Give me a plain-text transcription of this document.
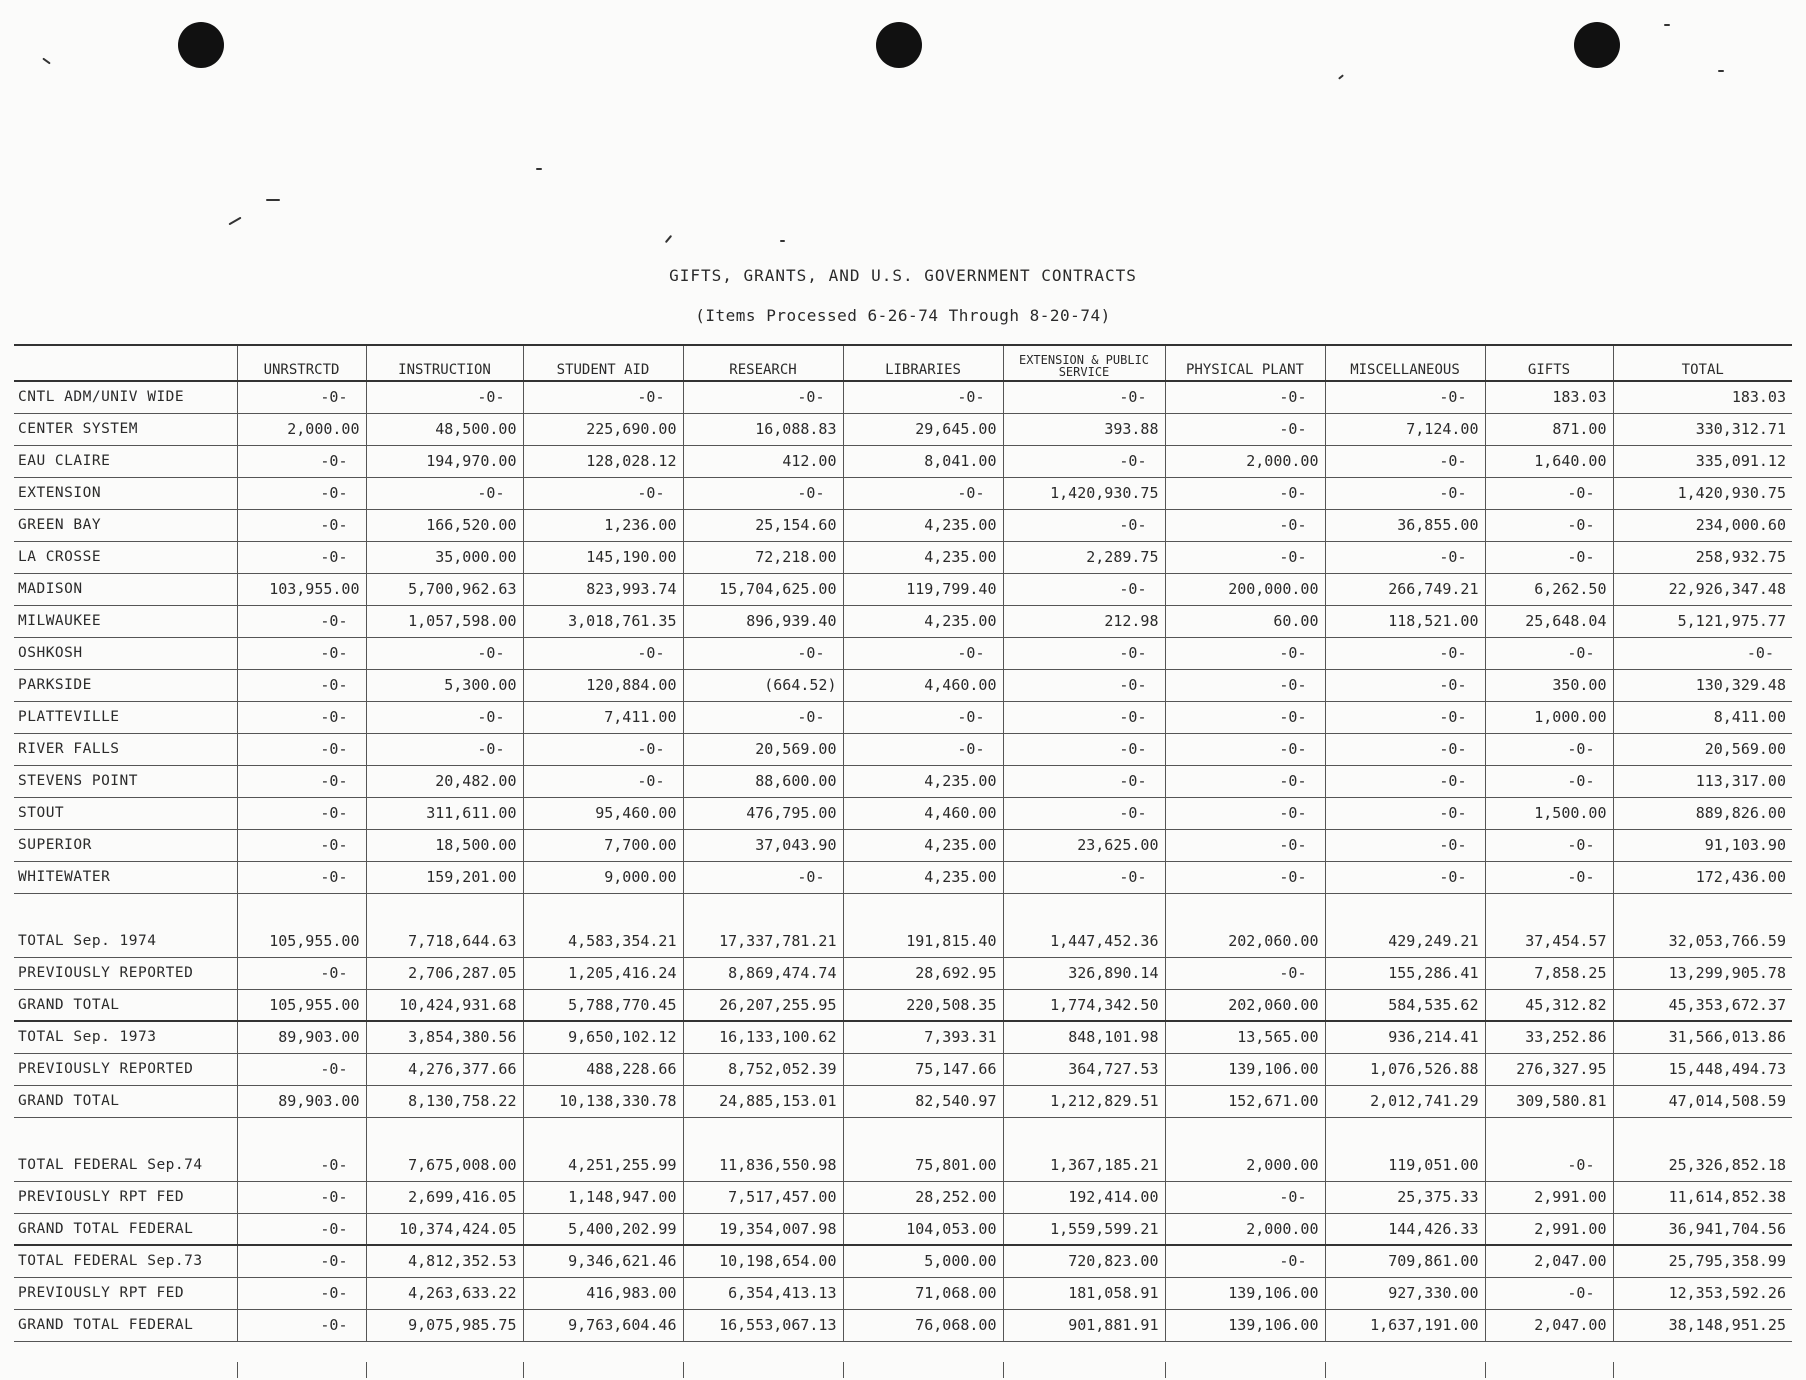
GIFTS, GRANTS, AND U.S. GOVERNMENT CONTRACTS
(Items Processed 6-26-74 Through 8-20-74)
	UNRSTRCTD	INSTRUCTION	STUDENT AID	RESEARCH	LIBRARIES	EXTENSION & PUBLIC SERVICE	PHYSICAL PLANT	MISCELLANEOUS	GIFTS	TOTAL
CNTL ADM/UNIV WIDE	-0-	-0-	-0-	-0-	-0-	-0-	-0-	-0-	183.03	183.03
CENTER SYSTEM	2,000.00	48,500.00	225,690.00	16,088.83	29,645.00	393.88	-0-	7,124.00	871.00	330,312.71
EAU CLAIRE	-0-	194,970.00	128,028.12	412.00	8,041.00	-0-	2,000.00	-0-	1,640.00	335,091.12
EXTENSION	-0-	-0-	-0-	-0-	-0-	1,420,930.75	-0-	-0-	-0-	1,420,930.75
GREEN BAY	-0-	166,520.00	1,236.00	25,154.60	4,235.00	-0-	-0-	36,855.00	-0-	234,000.60
LA CROSSE	-0-	35,000.00	145,190.00	72,218.00	4,235.00	2,289.75	-0-	-0-	-0-	258,932.75
MADISON	103,955.00	5,700,962.63	823,993.74	15,704,625.00	119,799.40	-0-	200,000.00	266,749.21	6,262.50	22,926,347.48
MILWAUKEE	-0-	1,057,598.00	3,018,761.35	896,939.40	4,235.00	212.98	60.00	118,521.00	25,648.04	5,121,975.77
OSHKOSH	-0-	-0-	-0-	-0-	-0-	-0-	-0-	-0-	-0-	-0-
PARKSIDE	-0-	5,300.00	120,884.00	(664.52)	4,460.00	-0-	-0-	-0-	350.00	130,329.48
PLATTEVILLE	-0-	-0-	7,411.00	-0-	-0-	-0-	-0-	-0-	1,000.00	8,411.00
RIVER FALLS	-0-	-0-	-0-	20,569.00	-0-	-0-	-0-	-0-	-0-	20,569.00
STEVENS POINT	-0-	20,482.00	-0-	88,600.00	4,235.00	-0-	-0-	-0-	-0-	113,317.00
STOUT	-0-	311,611.00	95,460.00	476,795.00	4,460.00	-0-	-0-	-0-	1,500.00	889,826.00
SUPERIOR	-0-	18,500.00	7,700.00	37,043.90	4,235.00	23,625.00	-0-	-0-	-0-	91,103.90
WHITEWATER	-0-	159,201.00	9,000.00	-0-	4,235.00	-0-	-0-	-0-	-0-	172,436.00

TOTAL Sep. 1974	105,955.00	7,718,644.63	4,583,354.21	17,337,781.21	191,815.40	1,447,452.36	202,060.00	429,249.21	37,454.57	32,053,766.59
PREVIOUSLY REPORTED	-0-	2,706,287.05	1,205,416.24	8,869,474.74	28,692.95	326,890.14	-0-	155,286.41	7,858.25	13,299,905.78
GRAND TOTAL	105,955.00	10,424,931.68	5,788,770.45	26,207,255.95	220,508.35	1,774,342.50	202,060.00	584,535.62	45,312.82	45,353,672.37
TOTAL Sep. 1973	89,903.00	3,854,380.56	9,650,102.12	16,133,100.62	7,393.31	848,101.98	13,565.00	936,214.41	33,252.86	31,566,013.86
PREVIOUSLY REPORTED	-0-	4,276,377.66	488,228.66	8,752,052.39	75,147.66	364,727.53	139,106.00	1,076,526.88	276,327.95	15,448,494.73
GRAND TOTAL	89,903.00	8,130,758.22	10,138,330.78	24,885,153.01	82,540.97	1,212,829.51	152,671.00	2,012,741.29	309,580.81	47,014,508.59

TOTAL FEDERAL Sep.74	-0-	7,675,008.00	4,251,255.99	11,836,550.98	75,801.00	1,367,185.21	2,000.00	119,051.00	-0-	25,326,852.18
PREVIOUSLY RPT FED	-0-	2,699,416.05	1,148,947.00	7,517,457.00	28,252.00	192,414.00	-0-	25,375.33	2,991.00	11,614,852.38
GRAND TOTAL FEDERAL	-0-	10,374,424.05	5,400,202.99	19,354,007.98	104,053.00	1,559,599.21	2,000.00	144,426.33	2,991.00	36,941,704.56
TOTAL FEDERAL Sep.73	-0-	4,812,352.53	9,346,621.46	10,198,654.00	5,000.00	720,823.00	-0-	709,861.00	2,047.00	25,795,358.99
PREVIOUSLY RPT FED	-0-	4,263,633.22	416,983.00	6,354,413.13	71,068.00	181,058.91	139,106.00	927,330.00	-0-	12,353,592.26
GRAND TOTAL FEDERAL	-0-	9,075,985.75	9,763,604.46	16,553,067.13	76,068.00	901,881.91	139,106.00	1,637,191.00	2,047.00	38,148,951.25
